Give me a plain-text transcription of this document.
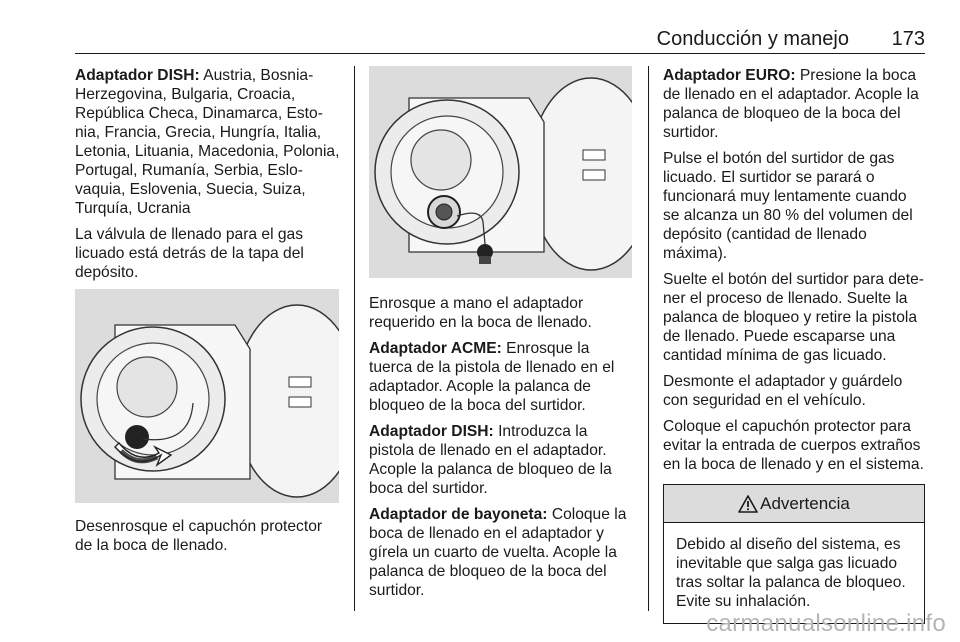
Conducción y manejo 173

Adaptador DISH: Austria, Bosnia-Herzegovina, Bulgaria, Croacia, República Checa, Dinamarca, Estonia, Francia, Grecia, Hungría, Italia, Letonia, Lituania, Macedonia, Polonia, Portugal, Rumanía, Serbia, Eslovaquia, Eslovenia, Suecia, Suiza, Turquía, Ucrania

La válvula de llenado para el gas licuado está detrás de la tapa del depósito.

Desenrosque el capuchón protector de la boca de llenado.

Enrosque a mano el adaptador requerido en la boca de llenado.

Adaptador ACME: Enrosque la tuerca de la pistola de llenado en el adaptador. Acople la palanca de bloqueo de la boca del surtidor.

Adaptador DISH: Introduzca la pistola de llenado en el adaptador. Acople la palanca de bloqueo de la boca del surtidor.

Adaptador de bayoneta: Coloque la boca de llenado en el adaptador y gírela un cuarto de vuelta. Acople la palanca de bloqueo de la boca del surtidor.

Adaptador EURO: Presione la boca de llenado en el adaptador. Acople la palanca de bloqueo de la boca del surtidor.

Pulse el botón del surtidor de gas licuado. El surtidor se parará o funcionará muy lentamente cuando se alcanza un 80 % del volumen del depósito (cantidad de llenado máxima).

Suelte el botón del surtidor para detener el proceso de llenado. Suelte la palanca de bloqueo y retire la pistola de llenado. Puede escaparse una cantidad mínima de gas licuado.

Desmonte el adaptador y guárdelo con seguridad en el vehículo.

Coloque el capuchón protector para evitar la entrada de cuerpos extraños en la boca de llenado y en el sistema.

Advertencia
Debido al diseño del sistema, es inevitable que salga gas licuado tras soltar la palanca de bloqueo. Evite su inhalación.
carmanualsonline.info
